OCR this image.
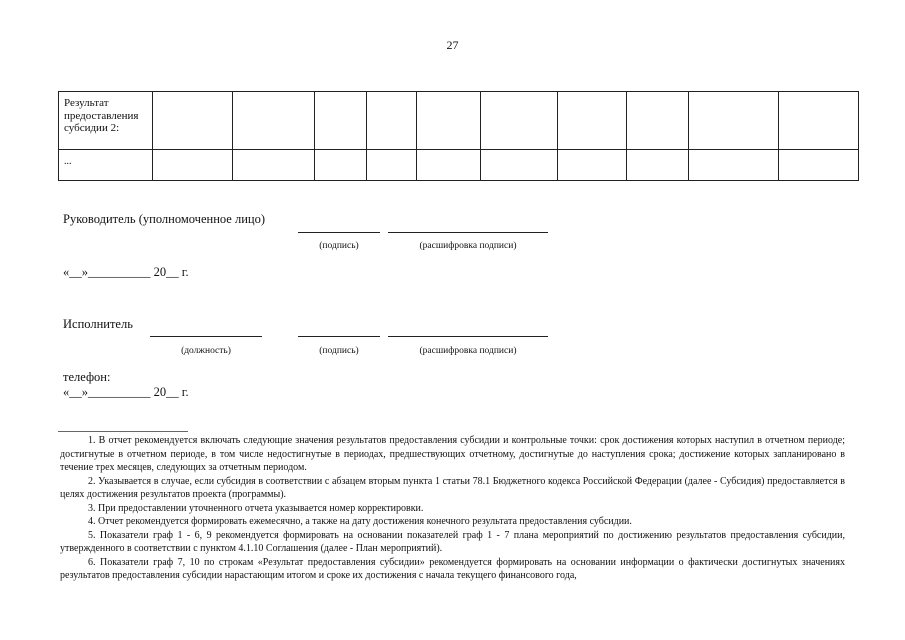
27
Результат предоставления субсидии 2:										
...										
Руководитель (уполномоченное лицо)
(подпись)	(расшифровка подписи)
«__»__________ 20__ г.
Исполнитель
(должность)	(подпись)	(расшифровка подписи)
телефон:
«__»__________ 20__ г.

1. В отчет рекомендуется включать следующие значения результатов предоставления субсидии и контрольные точки: срок достижения которых наступил в отчетном периоде; достигнутые в отчетном периоде, в том числе недостигнутые в периодах, предшествующих отчетному, достигнутые до наступления срока; достижение которых запланировано в течение трех месяцев, следующих за отчетным периодом.

2. Указывается в случае, если субсидия в соответствии с абзацем вторым пункта 1 статьи 78.1 Бюджетного кодекса Российской Федерации (далее - Субсидия) предоставляется в целях достижения результатов проекта (программы).

3. При предоставлении уточненного отчета указывается номер корректировки.

4. Отчет рекомендуется формировать ежемесячно, а также на дату достижения конечного результата предоставления субсидии.

5. Показатели граф 1 - 6, 9 рекомендуется формировать на основании показателей граф 1 - 7 плана мероприятий по достижению результатов предоставления субсидии, утвержденного в соответствии с пунктом 4.1.10 Соглашения (далее - План мероприятий).

6. Показатели граф 7, 10 по строкам «Результат предоставления субсидии» рекомендуется формировать на основании информации о фактически достигнутых значениях результатов предоставления субсидии нарастающим итогом и сроке их достижения с начала текущего финансового года,
